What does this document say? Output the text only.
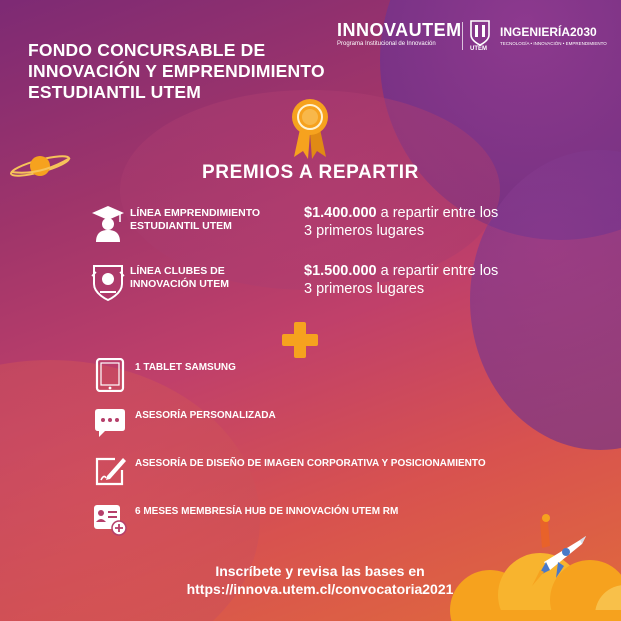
FONDO CONCURSABLE DE
INNOVACIÓN Y EMPRENDIMIENTO
ESTUDIANTIL UTEM
INNOVAUTEM
Programa Institucional de Innovación
UTEM
INGENIERÍA2030
TECNOLOGÍA • INNOVACIÓN • EMPRENDIMIENTO
PREMIOS A REPARTIR
LÍNEA EMPRENDIMIENTO
ESTUDIANTIL UTEM
$1.400.000 a repartir entre los
3 primeros lugares
LÍNEA CLUBES DE
INNOVACIÓN UTEM
$1.500.000 a repartir entre los
3 primeros lugares
1 TABLET SAMSUNG
ASESORÍA PERSONALIZADA
ASESORÍA DE DISEÑO DE IMAGEN CORPORATIVA Y POSICIONAMIENTO
6 MESES MEMBRESÍA HUB DE INNOVACIÓN UTEM RM
Inscríbete y revisa las bases en
https://innova.utem.cl/convocatoria2021
